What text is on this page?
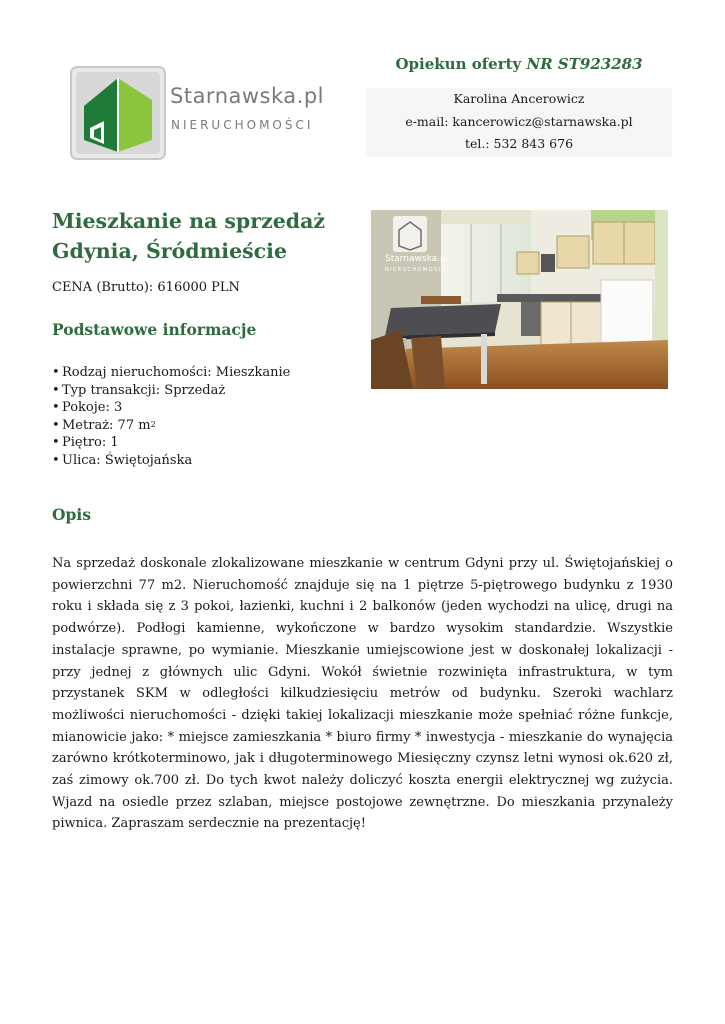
Starnawska.pl
NIERUCHOMOŚCI
Opiekun oferty NR ST923283
Karolina Ancerowicz
e-mail: kancerowicz@starnawska.pl
tel.: 532 843 676
Mieszkanie na sprzedaż
Gdynia, Śródmieście
CENA (Brutto): 616000 PLN
Podstawowe informacje
• Rodzaj nieruchomości: Mieszkanie
• Typ transakcji: Sprzedaż
• Pokoje: 3
• Metraż: 77 $m^2$
• Piętro: 1
• Ulica: Świętojańska
Starnawska.pl
NIERUCHOMOŚCI
Opis

Na sprzedaż doskonale zlokalizowane mieszkanie w centrum Gdyni przy ul. Świętojańskiej o powierzchni 77 m2. Nieruchomość znajduje się na 1 piętrze 5-piętrowego budynku z 1930 roku i składa się z 3 pokoi, łazienki, kuchni i 2 balkonów (jeden wychodzi na ulicę, drugi na podwórze). Podłogi kamienne, wykończone w bardzo wysokim standardzie. Wszystkie instalacje sprawne, po wymianie. Mieszkanie umiejscowione jest w doskonałej lokalizacji - przy jednej z głównych ulic Gdyni. Wokół świetnie rozwinięta infrastruktura, w tym przystanek SKM w odległości kilkudziesięciu metrów od budynku. Szeroki wachlarz możliwości nieruchomości - dzięki takiej lokalizacji mieszkanie może spełniać różne funkcje, mianowicie jako: * miejsce zamieszkania * biuro firmy * inwestycja - mieszkanie do wynajęcia zarówno krótkoterminowo, jak i długoterminowego Miesięczny czynsz letni wynosi ok.620 zł, zaś zimowy ok.700 zł. Do tych kwot należy doliczyć koszta energii elektrycznej wg zużycia. Wjazd na osiedle przez szlaban, miejsce postojowe zewnętrzne. Do mieszkania przynależy piwnica. Zapraszam serdecznie na prezentację!
